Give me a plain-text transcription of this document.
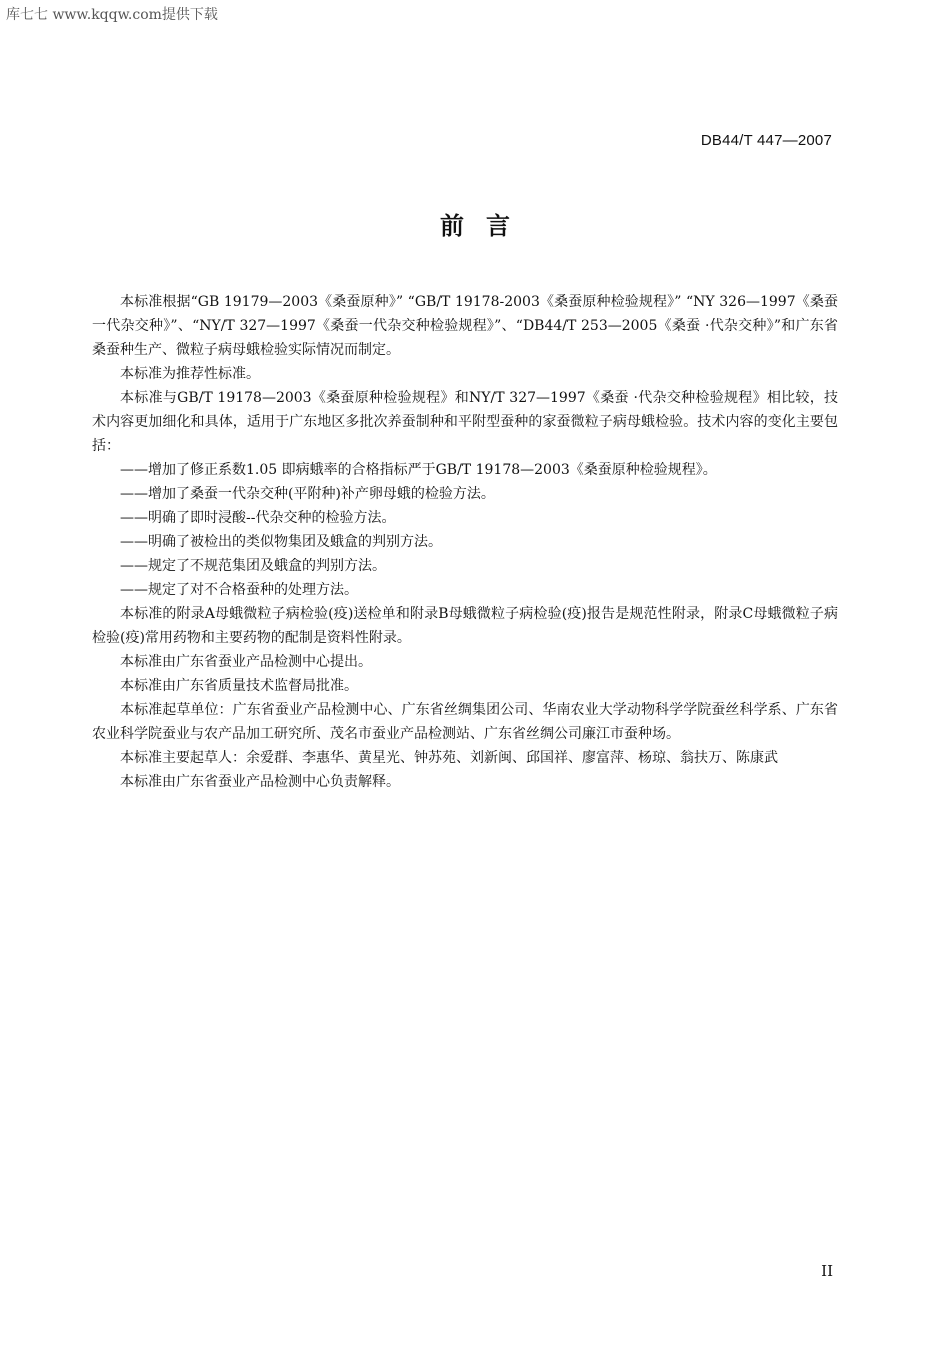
库七七 www.kqqw.com提供下载
DB44/T 447—2007
前言

本标准根据“GB 19179—2003《桑蚕原种》” “GB/T 19178-2003《桑蚕原种检验规程》” “NY 326—1997《桑蚕一代杂交种》”、“NY/T 327—1997《桑蚕一代杂交种检验规程》”、“DB44/T 253—2005《桑蚕 ·代杂交种》”和广东省桑蚕种生产、微粒子病母蛾检验实际情况而制定。

本标准为推荐性标准。

本标准与GB/T 19178—2003《桑蚕原种检验规程》和NY/T 327—1997《桑蚕 ·代杂交种检验规程》相比较，技术内容更加细化和具体，适用于广东地区多批次养蚕制种和平附型蚕种的家蚕微粒子病母蛾检验。技术内容的变化主要包括：

——增加了修正系数1.05 即病蛾率的合格指标严于GB/T 19178—2003《桑蚕原种检验规程》。

——增加了桑蚕一代杂交种(平附种)补产卵母蛾的检验方法。

——明确了即时浸酸--代杂交种的检验方法。

——明确了被检出的类似物集团及蛾盒的判别方法。

——规定了不规范集团及蛾盒的判别方法。

——规定了对不合格蚕种的处理方法。

本标准的附录A母蛾微粒子病检验(疫)送检单和附录B母蛾微粒子病检验(疫)报告是规范性附录，附录C母蛾微粒子病检验(疫)常用药物和主要药物的配制是资料性附录。

本标准由广东省蚕业产品检测中心提出。

本标准由广东省质量技术监督局批准。

本标准起草单位：广东省蚕业产品检测中心、广东省丝绸集团公司、华南农业大学动物科学学院蚕丝科学系、广东省农业科学院蚕业与农产品加工研究所、茂名市蚕业产品检测站、广东省丝绸公司廉江市蚕种场。

本标准主要起草人：余爱群、李惠华、黄星光、钟苏苑、刘新闽、邱国祥、廖富萍、杨琼、翁扶万、陈康武

本标准由广东省蚕业产品检测中心负责解释。

II
